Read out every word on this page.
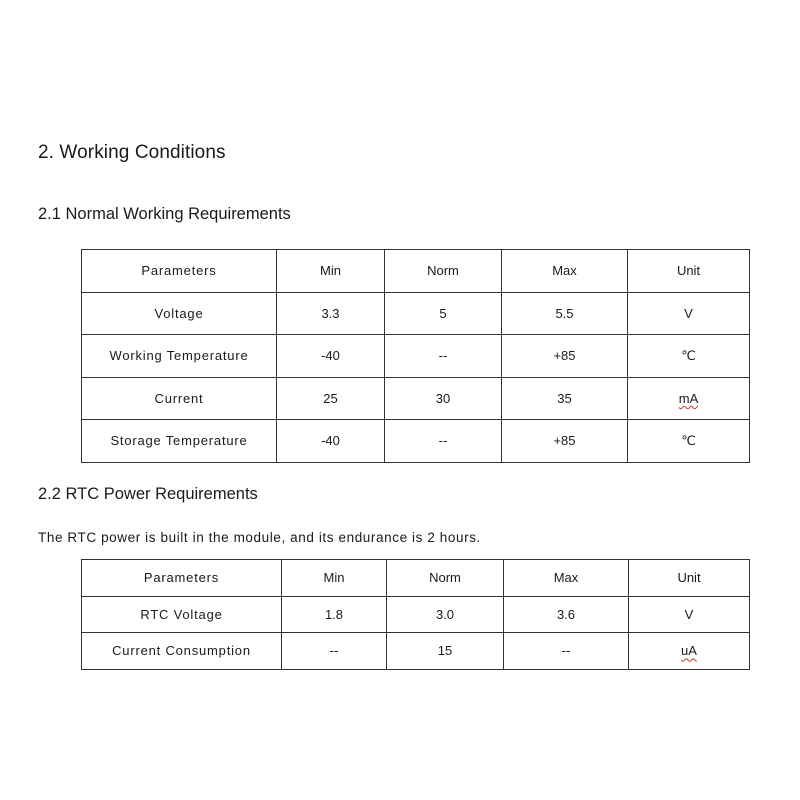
2. Working Conditions
2.1 Normal Working Requirements
Parameters	Min	Norm	Max	Unit
Voltage	3.3	5	5.5	V
Working Temperature	-40	--	+85	℃
Current	25	30	35	mA
Storage Temperature	-40	--	+85	℃
2.2 RTC Power Requirements
The RTC power is built in the module, and its endurance is 2 hours.
Parameters	Min	Norm	Max	Unit
RTC Voltage	1.8	3.0	3.6	V
Current Consumption	--	15	--	uA
